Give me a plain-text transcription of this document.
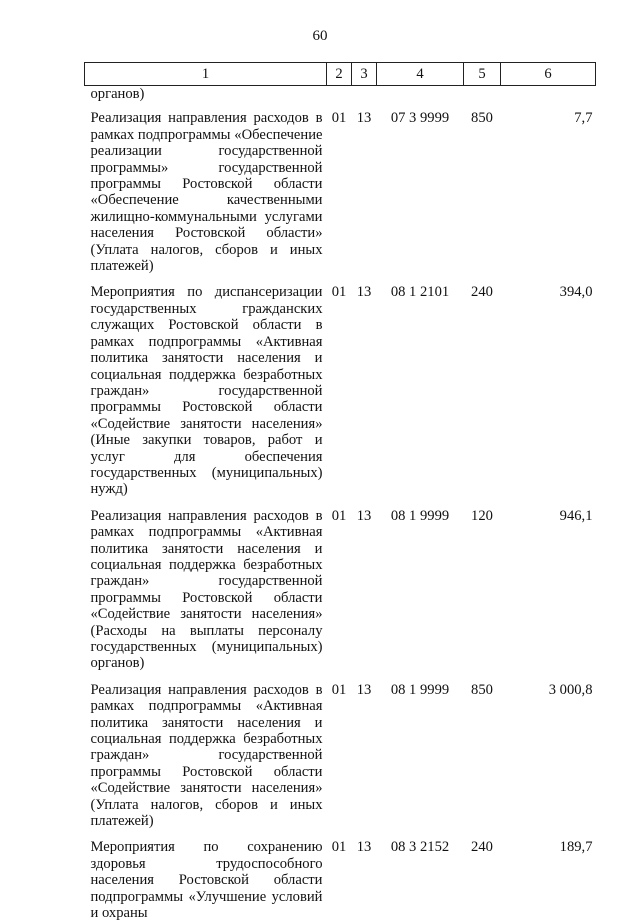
60
1	2	3	4	5	6
органов)					
Реализация направления расходов в рамках подпрограммы «Обеспечение реализации государственной программы» государственной программы Ростовской области «Обеспечение качественными жилищно-коммунальными услугами населения Ростовской области» (Уплата налогов, сборов и иных платежей)	01	13	07 3 9999	850	7,7
Мероприятия по диспансеризации государственных гражданских служащих Ростовской области в рамках подпрограммы «Активная политика занятости населения и социальная поддержка безработных граждан» государственной программы Ростовской области «Содействие занятости населения» (Иные закупки товаров, работ и услуг для обеспечения государственных (муниципальных) нужд)	01	13	08 1 2101	240	394,0
Реализация направления расходов в рамках подпрограммы «Активная политика занятости населения и социальная поддержка безработных граждан» государственной программы Ростовской области «Содействие занятости населения» (Расходы на выплаты персоналу государственных (муниципальных) органов)	01	13	08 1 9999	120	946,1
Реализация направления расходов в рамках подпрограммы «Активная политика занятости населения и социальная поддержка безработных граждан» государственной программы Ростовской области «Содействие занятости населения» (Уплата налогов, сборов и иных платежей)	01	13	08 1 9999	850	3 000,8
Мероприятия по сохранению здоровья трудоспособного населения Ростовской области подпрограммы «Улучшение условий и охраны	01	13	08 3 2152	240	189,7
